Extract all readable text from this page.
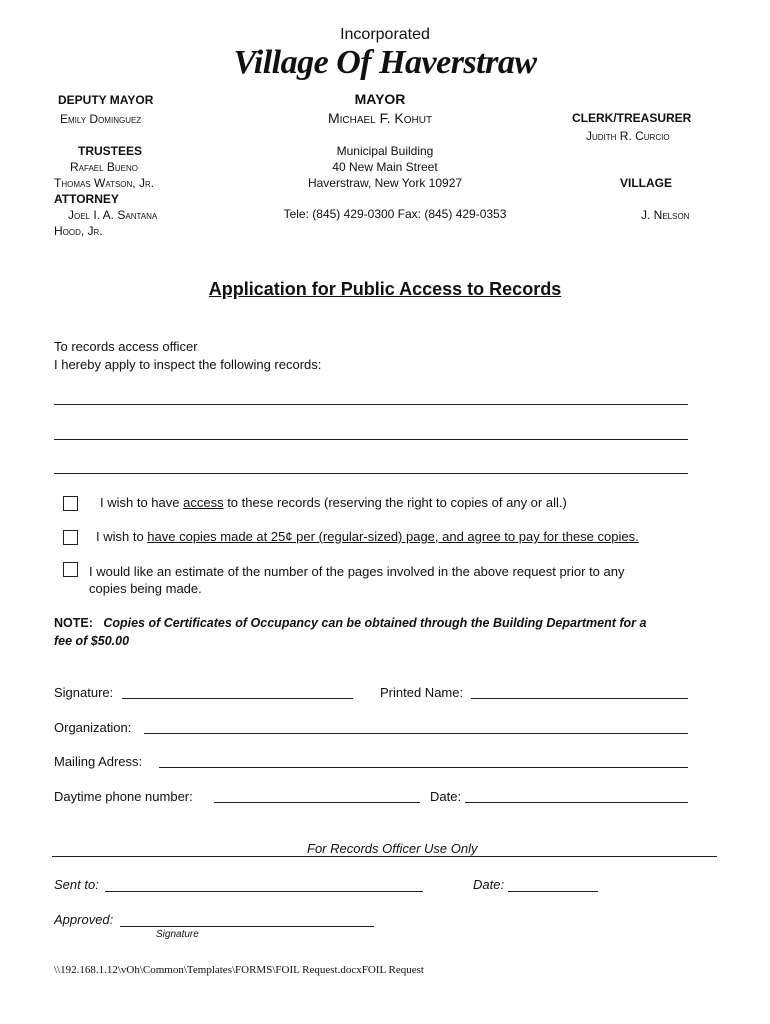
Incorporated
Village Of Haverstraw
DEPUTY MAYOR
Emily Dominguez
MAYOR
Michael F. Kohut	CLERK/TREASURER
Judith R. Curcio
TRUSTEES
Rafael Bueno
Thomas Watson, Jr.
ATTORNEY
Joel I. A. Santana
Hood, Jr.
Municipal Building
40 New Main Street
Haverstraw, New York 10927
Tele: (845) 429-0300 Fax: (845) 429-0353
VILLAGE
J. Nelson
Application for Public Access to Records
To records access officer
I hereby apply to inspect the following records:
I wish to have access to these records (reserving the right to copies of any or all.)
I wish to have copies made at 25¢ per (regular-sized) page, and agree to pay for these copies.
I would like an estimate of the number of the pages involved in the above request prior to any
copies being made.
NOTE: Copies of Certificates of Occupancy can be obtained through the Building Department for a
fee of $50.00
Signature:	Printed Name:
Organization:
Mailing Adress:
Daytime phone number:	Date:
For Records Officer Use Only
Sent to:	Date:
Approved:
Signature
\\192.168.1.12\vOh\Common\Templates\FORMS\FOIL Request.docxFOIL Request
